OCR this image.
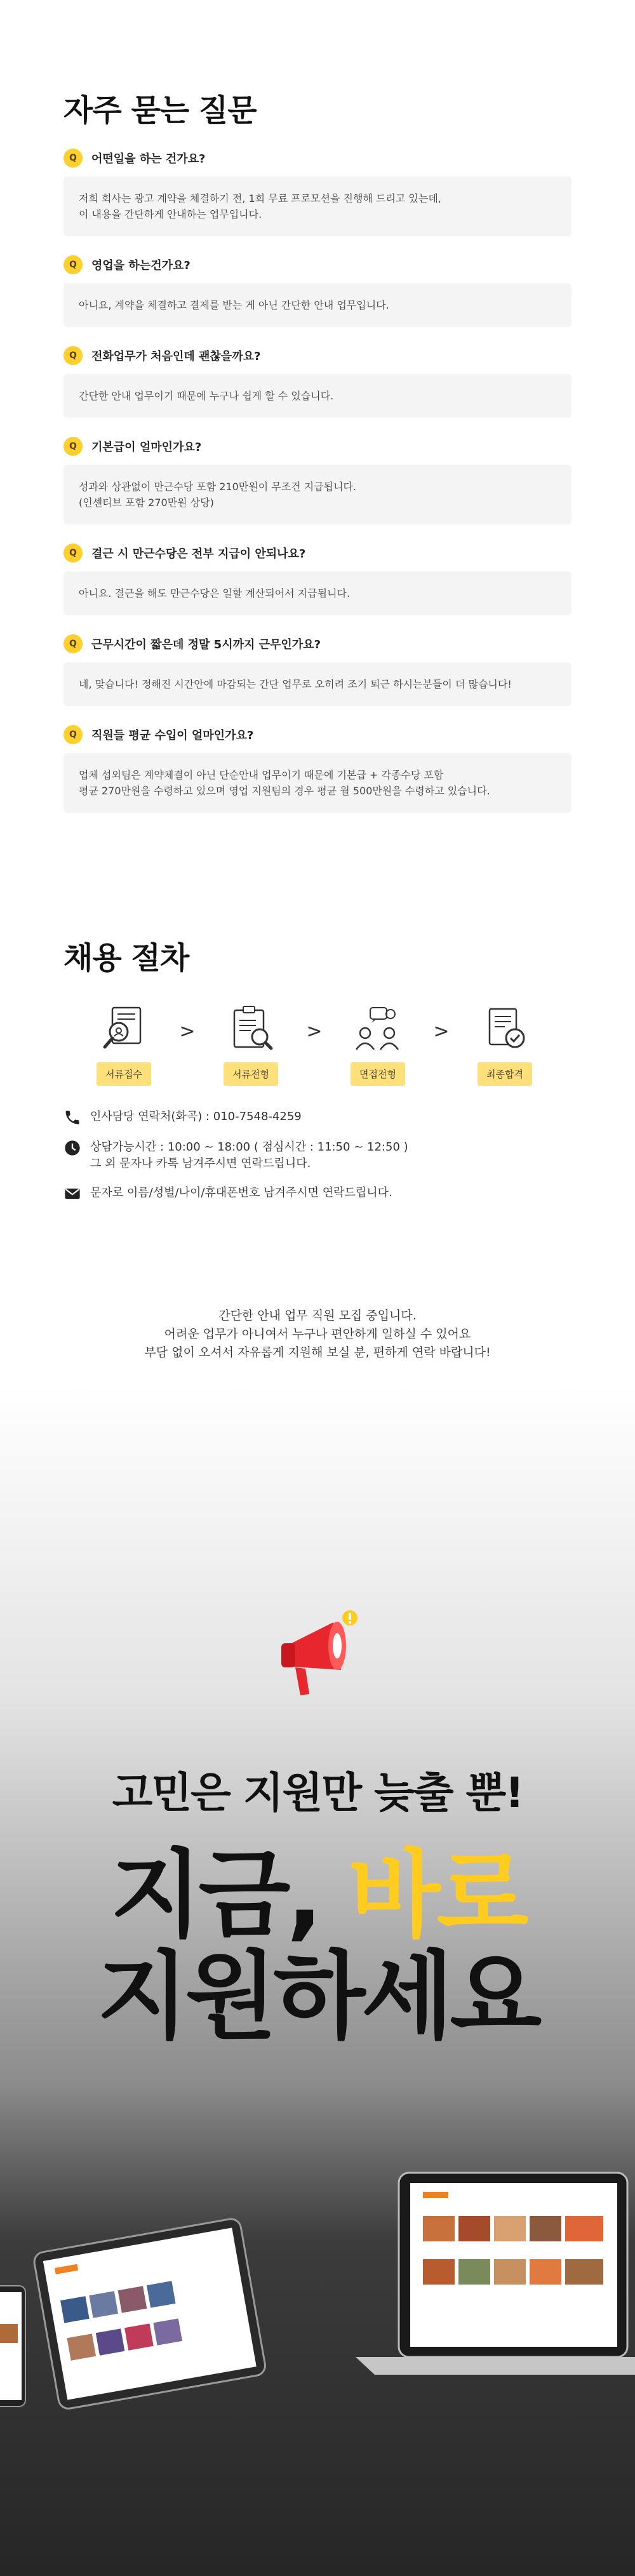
자주 묻는 질문
Q	어떤일을 하는 건가요?
저희 회사는 광고 계약을 체결하기 전, 1회 무료 프로모션을 진행해 드리고 있는데,
이 내용을 간단하게 안내하는 업무입니다.
Q	영업을 하는건가요?
아니요, 계약을 체결하고 결제를 받는 게 아닌 간단한 안내 업무입니다.
Q	전화업무가 처음인데 괜찮을까요?
간단한 안내 업무이기 때문에 누구나 쉽게 할 수 있습니다.
Q	기본급이 얼마인가요?
성과와 상관없이 만근수당 포함 210만원이 무조건 지급됩니다.
(인센티브 포함 270만원 상당)
Q	결근 시 만근수당은 전부 지급이 안되나요?
아니요. 결근을 해도 만근수당은 일할 계산되어서 지급됩니다.
Q	근무시간이 짧은데 정말 5시까지 근무인가요?
네, 맞습니다! 정해진 시간안에 마감되는 간단 업무로 오히려 조기 퇴근 하시는분들이 더 많습니다!
Q	직원들 평균 수입이 얼마인가요?
업체 섭외팀은 계약체결이 아닌 단순안내 업무이기 때문에 기본급 + 각종수당 포함
평균 270만원을 수령하고 있으며 영업 지원팀의 경우 평균 월 500만원을 수령하고 있습니다.
채용 절차
서류접수
>
서류전형
>
면접전형
>
최종합격
인사담당 연락처(화곡) : 010-7548-4259
상담가능시간 : 10:00 ~ 18:00 ( 점심시간 : 11:50 ~ 12:50 )
그 외 문자나 카톡 남겨주시면 연락드립니다.
문자로 이름/성별/나이/휴대폰번호 남겨주시면 연락드립니다.
간단한 안내 업무 직원 모집 중입니다.
어려운 업무가 아니여서 누구나 편안하게 일하실 수 있어요
부담 없이 오셔서 자유롭게 지원해 보실 분, 편하게 연락 바랍니다!
고민은 지원만 늦출 뿐!
지금, 바로
지원하세요
